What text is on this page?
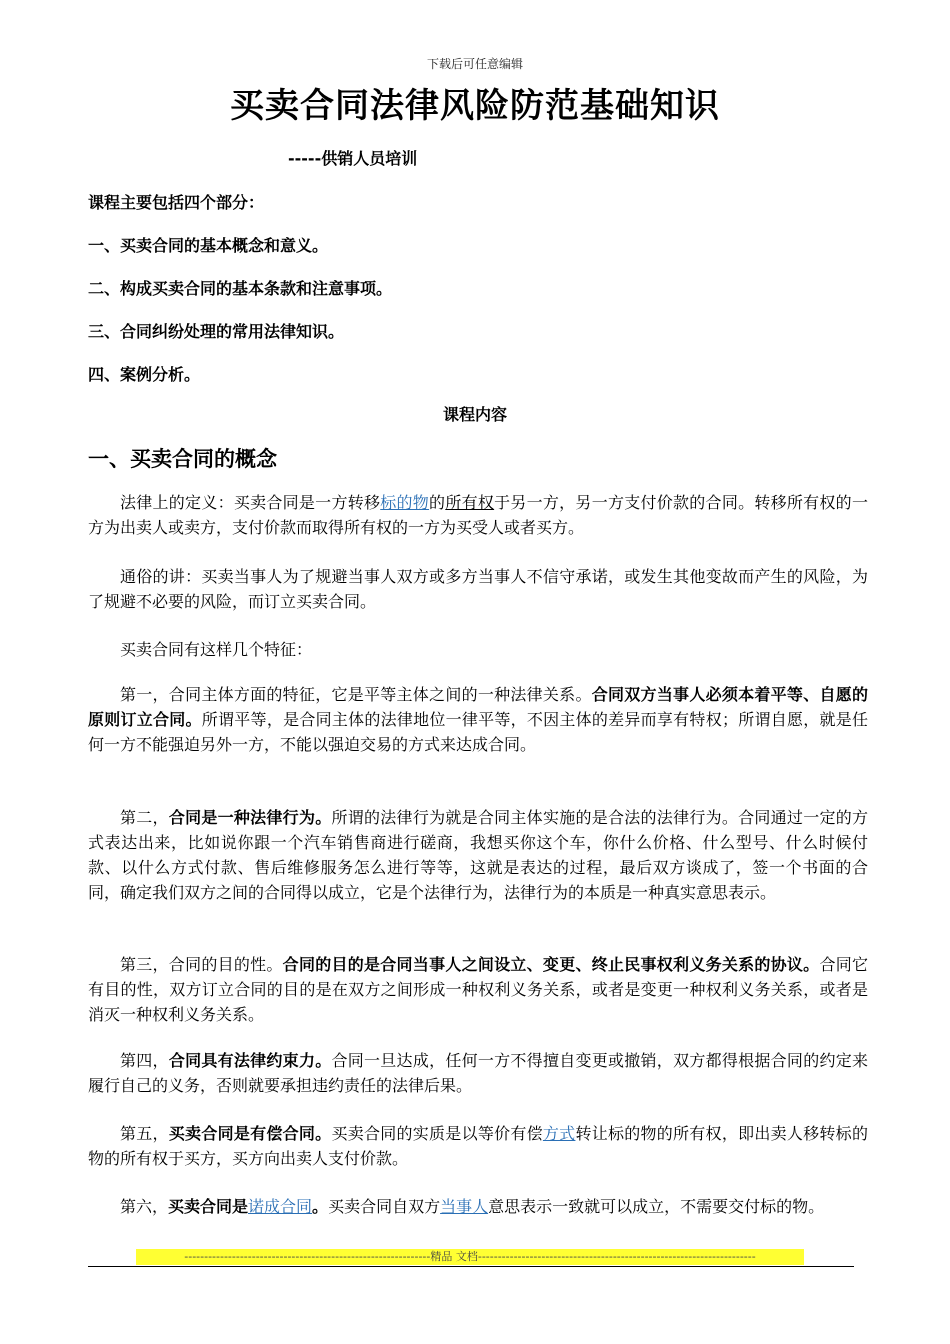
下载后可任意编辑
买卖合同法律风险防范基础知识
-----供销人员培训
课程主要包括四个部分：
一、买卖合同的基本概念和意义。
二、构成买卖合同的基本条款和注意事项。
三、合同纠纷处理的常用法律知识。
四、案例分析。
课程内容
一、买卖合同的概念
法律上的定义：买卖合同是一方转移标的物的所有权于另一方，另一方支付价款的合同。转移所有权的一方为出卖人或卖方，支付价款而取得所有权的一方为买受人或者买方。
通俗的讲：买卖当事人为了规避当事人双方或多方当事人不信守承诺，或发生其他变故而产生的风险，为了规避不必要的风险，而订立买卖合同。
买卖合同有这样几个特征：
第一，合同主体方面的特征，它是平等主体之间的一种法律关系。合同双方当事人必须本着平等、自愿的原则订立合同。所谓平等，是合同主体的法律地位一律平等，不因主体的差异而享有特权；所谓自愿，就是任何一方不能强迫另外一方，不能以强迫交易的方式来达成合同。
第二，合同是一种法律行为。所谓的法律行为就是合同主体实施的是合法的法律行为。合同通过一定的方式表达出来，比如说你跟一个汽车销售商进行磋商，我想买你这个车，你什么价格、什么型号、什么时候付款、以什么方式付款、售后维修服务怎么进行等等，这就是表达的过程，最后双方谈成了，签一个书面的合同，确定我们双方之间的合同得以成立，它是个法律行为，法律行为的本质是一种真实意思表示。
第三，合同的目的性。合同的目的是合同当事人之间设立、变更、终止民事权利义务关系的协议。合同它有目的性，双方订立合同的目的是在双方之间形成一种权利义务关系，或者是变更一种权利义务关系，或者是消灭一种权利义务关系。
第四，合同具有法律约束力。合同一旦达成，任何一方不得擅自变更或撤销，双方都得根据合同的约定来履行自己的义务，否则就要承担违约责任的法律后果。
第五，买卖合同是有偿合同。买卖合同的实质是以等价有偿方式转让标的物的所有权，即出卖人移转标的物的所有权于买方，买方向出卖人支付价款。
第六，买卖合同是诺成合同。买卖合同自双方当事人意思表示一致就可以成立，不需要交付标的物。
--------------------------------------------------------------精品 文档----------------------------------------------------------------------
